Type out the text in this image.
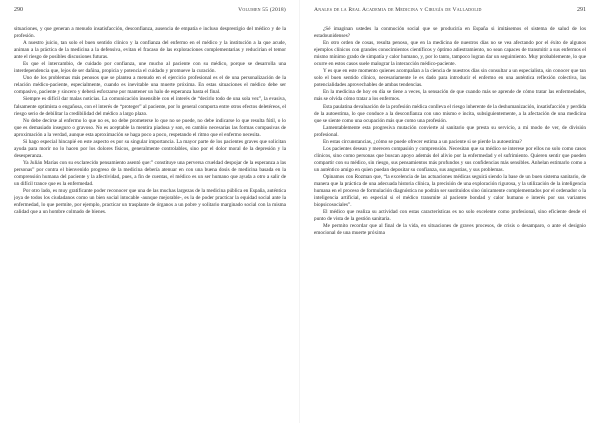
290	Volumen 55 (2018)

situaciones, y que generan a menudo insatisfacción, desconfianza, ausencia de empatía e incluso desprestigio del médico y de la profesión.

A nuestro juicio, tan solo el buen sentido clínico y la confianza del enfermo en el médico y la institución a la que acude, animan a la práctica de la medicina a la defensiva, evitan el fracaso de las exploraciones complementarias y reducirían el temor ante el riesgo de posibles discusiones futuras.

Es que el intercambio, de cuidado por confianza, une mucho al paciente con su médico, porque se desarrolla una interdependencia que, lejos de ser dañina, propicia y potencia el cuidado y promueve la curación.

Uno de los problemas más penosos que se plantea a menudo en el ejercicio profesional es el de una personalización de la relación médico-paciente, especialmente, cuando es inevitable una muerte próxima. En estas situaciones el médico debe ser compasivo, paciente y sincero y deberá esforzarse por mantener un halo de esperanza hasta el final.

Siempre es difícil dar malas noticias. La comunicación insensible con el interés de “decirlo todo de una sola vez”, la evasiva, falsamente optimista o engañosa, con el interés de “proteger” al paciente, por lo general comporta entre otros efectos deletéreos, el riesgo serio de debilitar la credibilidad del médico a largo plazo.

No debe decirse al enfermo lo que no es, no debe prometerse lo que no se puede, no debe indicarse lo que resulta fútil, o lo que es demasiado inseguro o gravoso. No es aceptable la mentira piadosa y son, en cambio necesarias las formas compasivas de aproximación a la verdad, aunque esta aproximación se haga poco a poco, respetando el ritmo que el enfermo necesita.

Si hago especial hincapié en este aspecto es por su singular importancia. La mayor parte de los pacientes graves que solicitan ayuda para morir no lo hacen por los dolores físicos, generalmente controlables, sino por el dolor moral de la depresión y la desesperanza.

Ya Julián Marías con su exclarecido pensamiento asentó que:” constituye una perversa crueldad despojar de la esperanza a las personas” por contra el bienvenido progreso de la medicina debería atenuar en con una buena dosis de medicina basada en la comprensión humana del paciente y la afectividad, pues, a fin de cuentas, el médico es un ser humano que ayuda a otro a salir de un difícil trance que es la enfermedad.

Por otro lado, es muy gratificante poder reconocer que una de las muchas largezas de la medicina pública en España, auténtica joya de todos los ciudadanos como un bien social intocable -aunque mejorable-, es la de poder practicar la equidad social ante la enfermedad, lo que permite, por ejemplo, practicar un trasplante de órganos a un pobre y solitario marginado social con la misma calidad que a un hombre colmado de bienes.

Anales de la Real Academia de Medicina y Cirugía de Valladolid	291

¿Sé imaginan ustedes la conmoción social que se produciría en España si imitásemos el sistema de salud de los estadounidenses?

En otro orden de cosas, resulta penoso, que en la medicina de nuestros días no se vea afectando por el éxito de algunos ejemplos clínicos con grandes conocimientos científicos y óptimo adiestramiento, no sean capaces de transmitir a sus enfermos el mismo mínimo grado de simpatía y calor humano, y, por lo tanto, tampoco logran dar un seguimiento. Muy probablemente, lo que ocurre en estos casos suele malograr la interacción médico-paciente.

Y es que en este momento quienes acompañan a la ciencia de nuestros días sin consultar a un especialista, sin conocer que tan solo el buen sentido clínico, necesariamente le es dado para introducir el enfermo en una auténtica reflexión colectiva, las potencialidades aprovechables de ambas tendencias.

En la medicina de hoy en día se tiene a veces, la sensación de que cuando más se aprende de cómo tratar las enfermedades, más se olvida cómo tratar a los enfermos.

Esta paulatina devaluación de la profesión médica conlleva el riesgo inherente de la deshumanización, insatisfacción y perdida de la autoestima, lo que conduce a la desconfianza con uno mismo e incita, subsiguientemente, a la afectación de una medicina que se siente como una ocupación más que como una profesión.

Lamentablemente esta progresiva mutación convierte al sanitario que presta su servicio, a mi modo de ver, de división profesional.

En estas circunstancias, ¿cómo se puede ofrecer estima a un paciente si se pierde la autoestima?

Los pacientes desean y merecen compasión y comprensión. Necesitan que su médico se interese por ellos no solo como casos clínicos, sino como personas que buscan apoyo además del alivio por la enfermedad y el sufrimiento. Quieren sentir que pueden compartir con su médico, sin riesgo, sus pensamientos más profundos y sus confidencias más sensibles. Anhelan estimarlo como a un auténtico amigo en quien puedan depositar su confianza, sus angustias, y sus problemas.

Opinamos con Rozman que, “la excelencia de las actuaciones médicas seguirá siendo la base de un buen sistema sanitario, de manera que la práctica de una adecuada historia clínica, la precisión de una exploración rigurosa, y la utilización de la inteligencia humana en el proceso de formulación diagnóstica no podrán ser sustituidos sino únicamente complementados por el ordenador o la inteligencia artificial, en especial si el médico transmite al paciente bondad y calor humano e interés por sus variantes biopsicosociales”.

El médico que realiza su actividad con estas características es no solo excelente como profesional, sino eficiente desde el punto de vista de la gestión sanitaria.

Me permito recordar que al final de la vida, en situaciones de graves procesos, de crisis o desamparo, o ante el designio emocional de una muerte próxima
